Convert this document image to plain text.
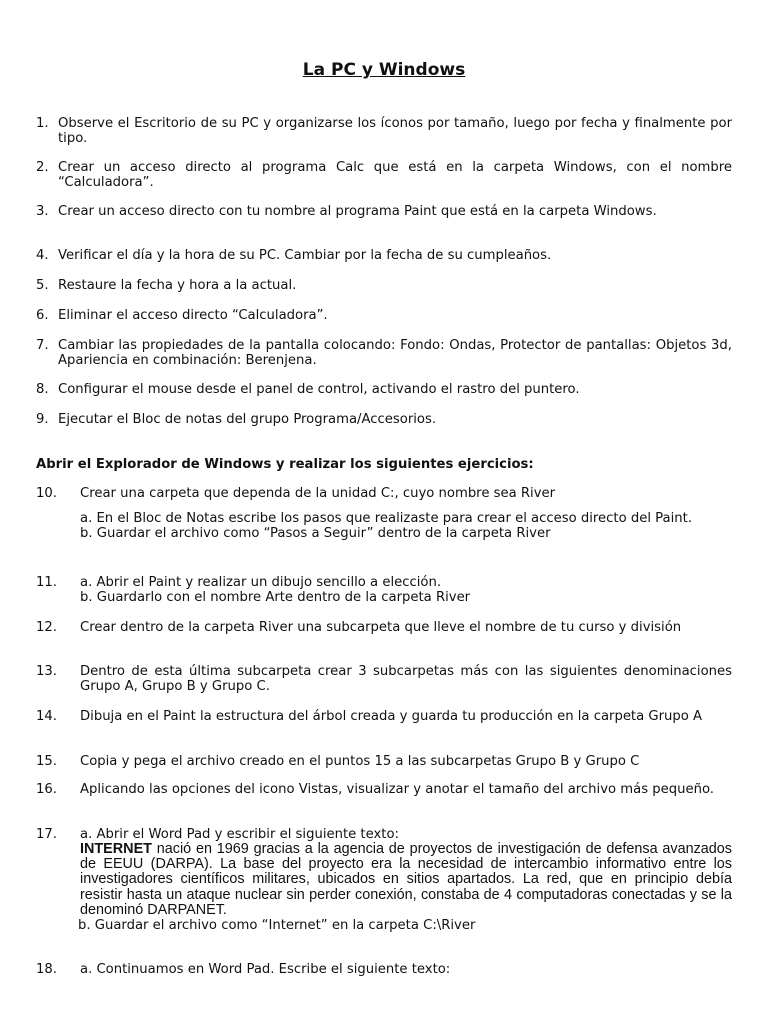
La PC y Windows
1. Observe el Escritorio de su PC y organizarse los íconos por tamaño, luego por fecha y finalmente por tipo.
2. Crear un acceso directo al programa Calc que está en la carpeta Windows, con el nombre “Calculadora”.
3. Crear un acceso directo con tu nombre al programa Paint que está en la carpeta Windows.
4. Verificar el día y la hora de su PC. Cambiar por la fecha de su cumpleaños.
5. Restaure la fecha y hora a la actual.
6. Eliminar el acceso directo “Calculadora”.
7. Cambiar las propiedades de la pantalla colocando: Fondo: Ondas, Protector de pantallas: Objetos 3d, Apariencia en combinación: Berenjena.
8. Configurar el mouse desde el panel de control, activando el rastro del puntero.
9. Ejecutar el Bloc de notas del grupo Programa/Accesorios.
Abrir el Explorador de Windows y realizar los siguientes ejercicios:
10.	Crear una carpeta que dependa de la unidad C:, cuyo nombre sea River

a. En el Bloc de Notas escribe los pasos que realizaste para crear el acceso directo del Paint.

b. Guardar el archivo como “Pasos a Seguir” dentro de la carpeta River

11.	a. Abrir el Paint y realizar un dibujo sencillo a elección.

b. Guardarlo con el nombre Arte dentro de la carpeta River

12.	Crear dentro de la carpeta River una subcarpeta que lleve el nombre de tu curso y división
13.	Dentro de esta última subcarpeta crear 3 subcarpetas más con las siguientes denominaciones Grupo A, Grupo B y Grupo C.
14.	Dibuja en el Paint la estructura del árbol creada y guarda tu producción en la carpeta Grupo A
15.	Copia y pega el archivo creado en el puntos 15 a las subcarpetas Grupo B y Grupo C
16.	Aplicando las opciones del icono Vistas, visualizar y anotar el tamaño del archivo más pequeño.
17.	a. Abrir el Word Pad y escribir el siguiente texto:

INTERNET nació en 1969 gracias a la agencia de proyectos de investigación de defensa avanzados de EEUU (DARPA). La base del proyecto era la necesidad de intercambio informativo entre los investigadores científicos militares, ubicados en sitios apartados. La red, que en principio debía resistir hasta un ataque nuclear sin perder conexión, constaba de 4 computadoras conectadas y se la denominó DARPANET.

b. Guardar el archivo como “Internet” en la carpeta C:\River

18.	a. Continuamos en Word Pad. Escribe el siguiente texto:
